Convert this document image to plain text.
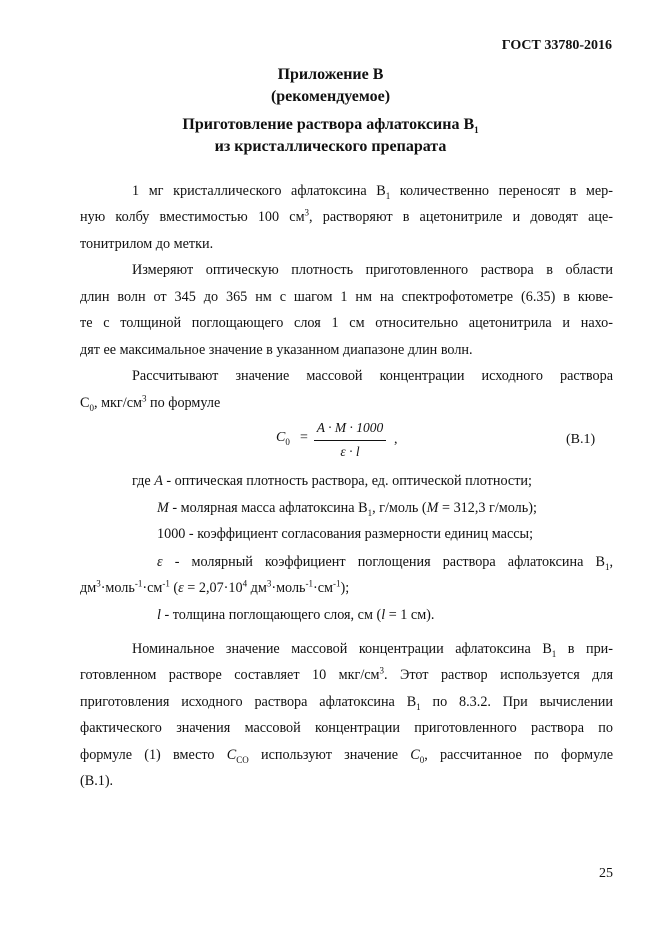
ГОСТ 33780-2016
Приложение В
(рекомендуемое)
Приготовление раствора афлатоксина $В_1$
из кристаллического препарата
1 мг кристаллического афлатоксина $В_1$ количественно переносят в мер-
ную колбу вместимостью 100 $см^3$, растворяют в ацетонитриле и доводят аце-
тонитрилом до метки.
Измеряют оптическую плотность приготовленного раствора в области
длин волн от 345 до 365 нм с шагом 1 нм на спектрофотометре (6.35) в кюве-
те с толщиной поглощающего слоя 1 см относительно ацетонитрила и нахо-
дят ее максимальное значение в указанном диапазоне длин волн.
Рассчитывают значение массовой концентрации исходного раствора
$С_0$, мкг/$см^3$ по формуле
$C_0 = \frac{A \cdot M \cdot 1000}{\varepsilon \cdot l}$ ,	(В.1)
где A - оптическая плотность раствора, ед. оптической плотности;
M - молярная масса афлатоксина $В_1$, г/моль (M = 312,3 г/моль);
1000 - коэффициент согласования размерности единиц массы;
ε - молярный коэффициент поглощения раствора афлатоксина $В_1$,
$дм^3\cdot моль^{-1}\cdot см^{-1}$ ($\varepsilon = 2,07\cdot 10^4$ $дм^3\cdot моль^{-1}\cdot см^{-1}$);
l - толщина поглощающего слоя, см (l = 1 см).
Номинальное значение массовой концентрации афлатоксина $В_1$ в при-
готовленном растворе составляет 10 мкг/$см^3$. Этот раствор используется для
приготовления исходного раствора афлатоксина $В_1$ по 8.3.2. При вычислении
фактического значения массовой концентрации приготовленного раствора по
формуле (1) вместо $С_{СО}$ используют значение $С_0$, рассчитанное по формуле
(В.1).
25
